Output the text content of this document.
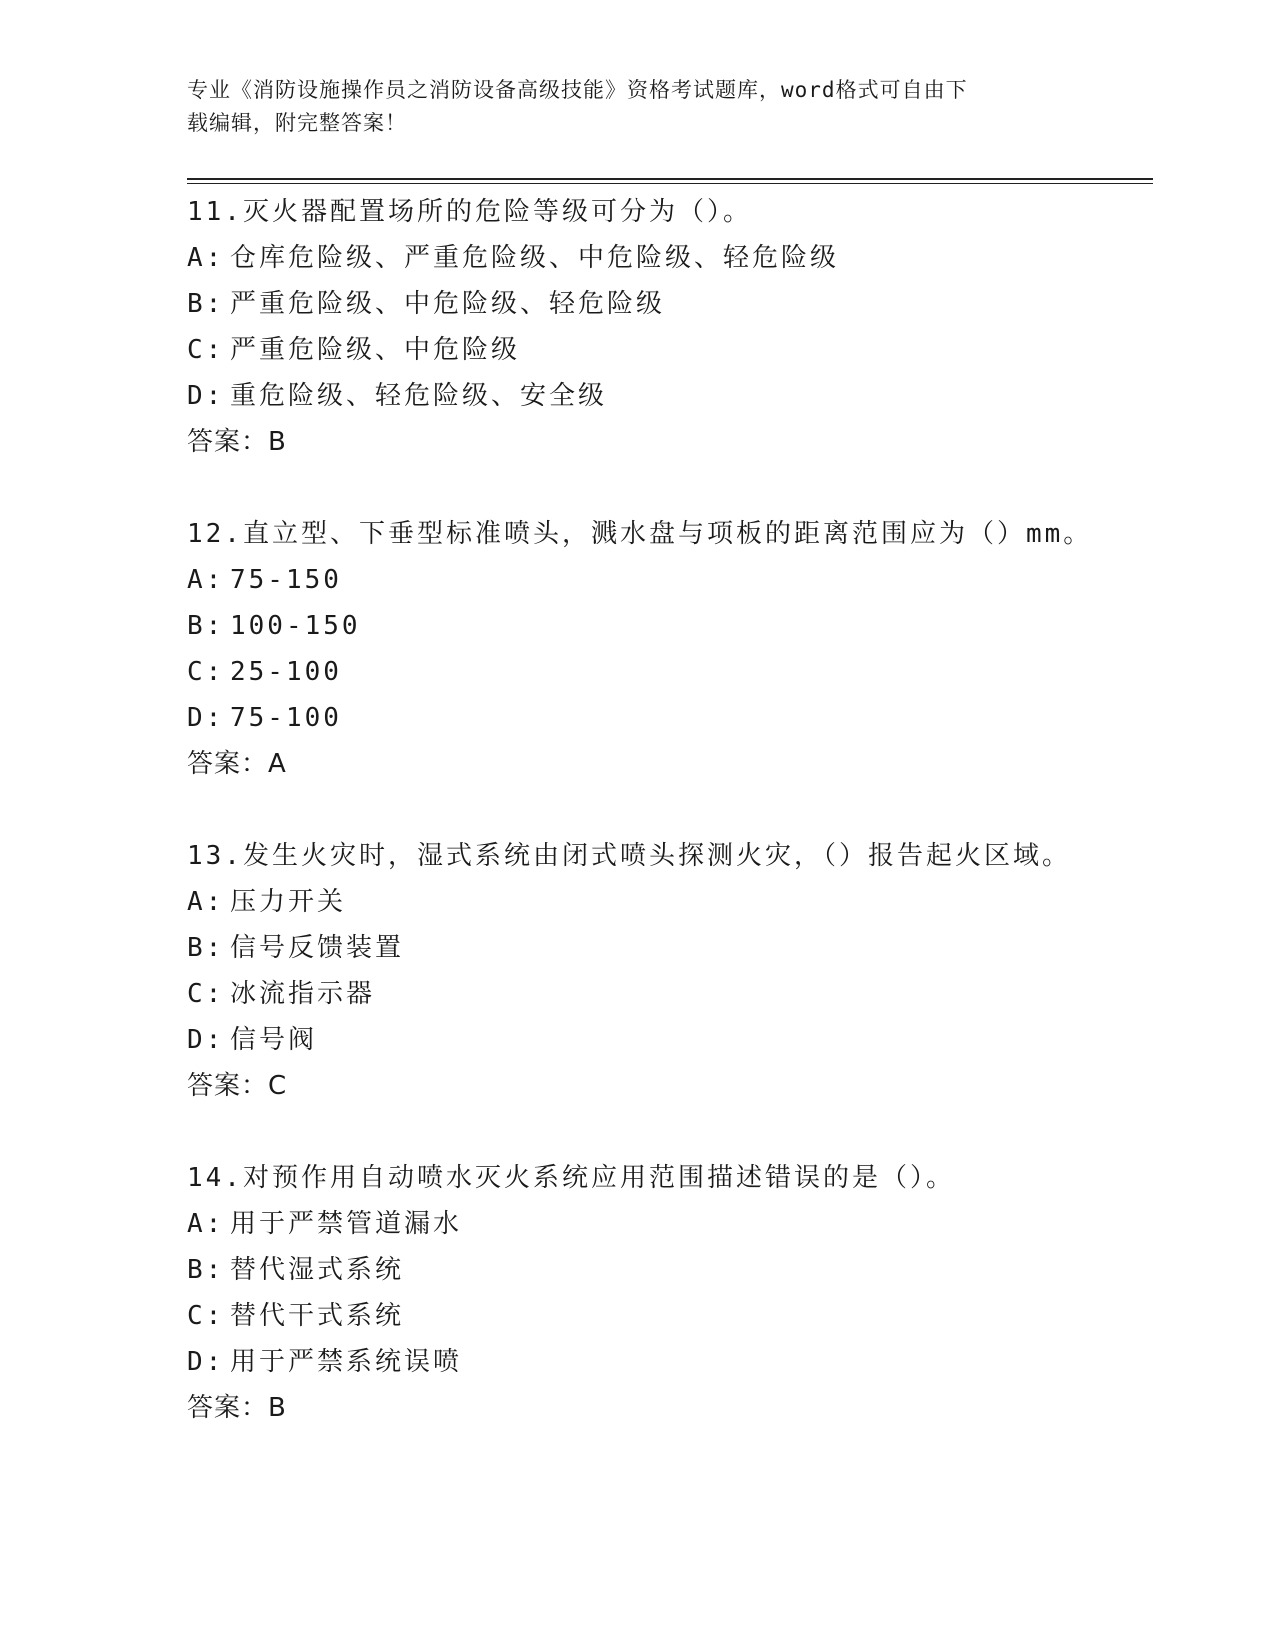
专业《消防设施操作员之消防设备高级技能》资格考试题库，word格式可自由下
载编辑，附完整答案！
11.灭火器配置场所的危险等级可分为（）。
A: 仓库危险级、严重危险级、中危险级、轻危险级
B: 严重危险级、中危险级、轻危险级
C: 严重危险级、中危险级
D: 重危险级、轻危险级、安全级
答案：B
12.直立型、下垂型标准喷头，溅水盘与项板的距离范围应为（）mm。
A: 75-150
B: 100-150
C: 25-100
D: 75-100
答案：A
13.发生火灾时，湿式系统由闭式喷头探测火灾，（）报告起火区域。
A: 压力开关
B: 信号反馈装置
C: 冰流指示器
D: 信号阀
答案：C
14.对预作用自动喷水灭火系统应用范围描述错误的是（）。
A: 用于严禁管道漏水
B: 替代湿式系统
C: 替代干式系统
D: 用于严禁系统误喷
答案：B
